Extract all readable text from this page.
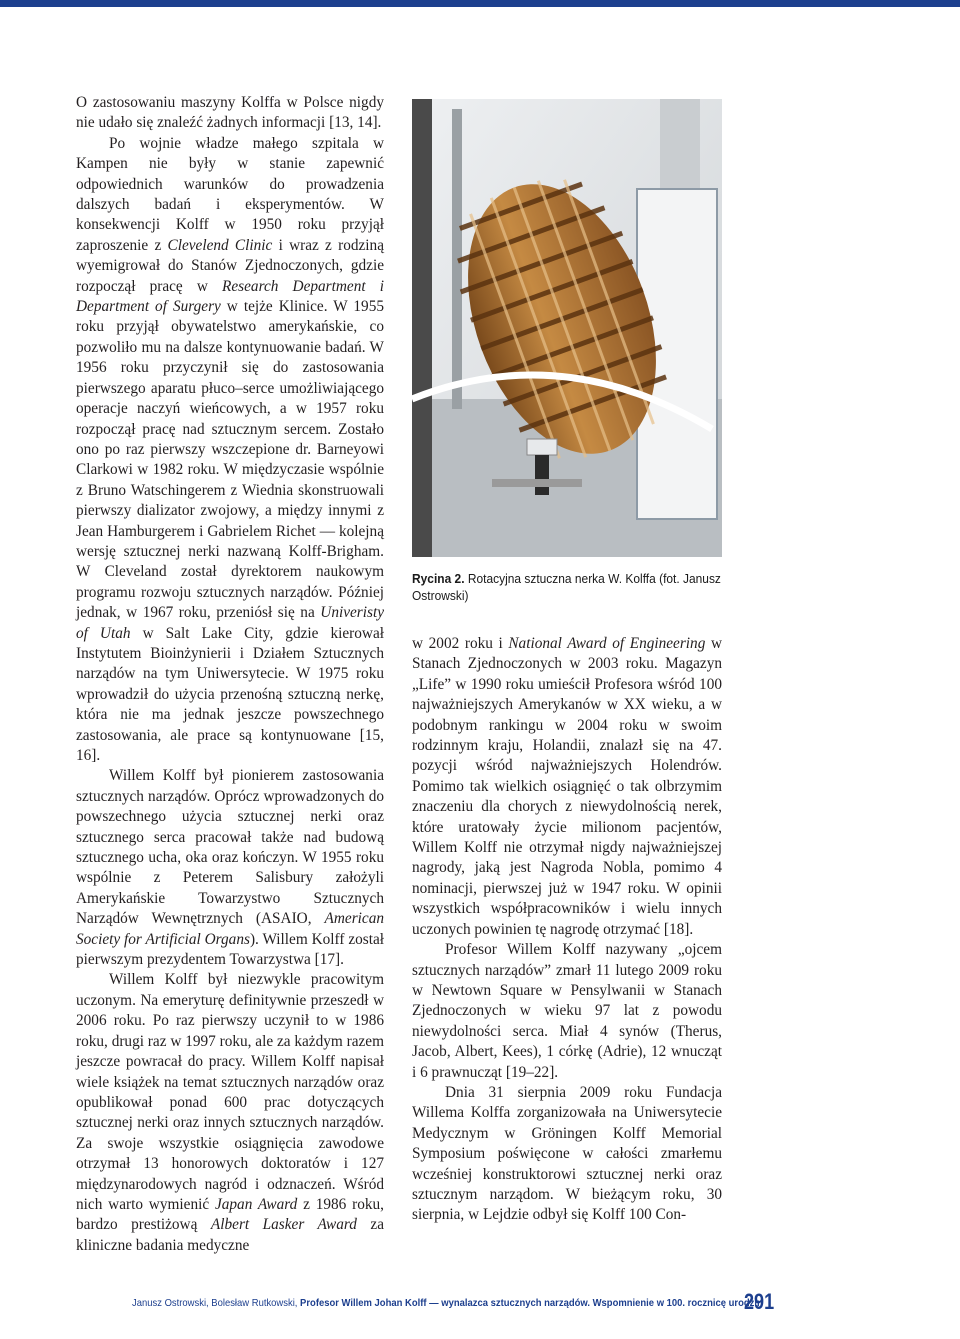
O zastosowaniu maszyny Kolffa w Polsce nigdy nie udało się znaleźć żadnych informacji [13, 14].

Po wojnie władze małego szpitala w Kampen nie były w stanie zapewnić odpowiednich warunków do prowadzenia dalszych badań i eksperymentów. W konsekwencji Kolff w 1950 roku przyjął zaproszenie z Clevelend Clinic i wraz z rodziną wyemigrował do Stanów Zjednoczonych, gdzie rozpoczął pracę w Research Department i Department of Surgery w tejże Klinice. W 1955 roku przyjął obywatelstwo amerykańskie, co pozwoliło mu na dalsze kontynuowanie badań. W 1956 roku przyczynił się do zastosowania pierwszego aparatu płuco–serce umożliwiającego operacje naczyń wieńcowych, a w 1957 roku rozpoczął pracę nad sztucznym sercem. Zostało ono po raz pierwszy wszczepione dr. Barneyowi Clarkowi w 1982 roku. W międzyczasie wspólnie z Bruno Watschingerem z Wiednia skonstruowali pierwszy dializator zwojowy, a między innymi z Jean Hamburgerem i Gabrielem Richet — kolejną wersję sztucznej nerki nazwaną Kolff-Brigham. W Cleveland został dyrektorem naukowym programu rozwoju sztucznych narządów. Później jednak, w 1967 roku, przeniósł się na Univeristy of Utah w Salt Lake City, gdzie kierował Instytutem Bioinżynierii i Działem Sztucznych narządów na tym Uniwersytecie. W 1975 roku wprowadził do użycia przenośną sztuczną nerkę, która nie ma jednak jeszcze powszechnego zastosowania, ale prace są kontynuowane [15, 16].

Willem Kolff był pionierem zastosowania sztucznych narządów. Oprócz wprowadzonych do powszechnego użycia sztucznej nerki oraz sztucznego serca pracował także nad budową sztucznego ucha, oka oraz kończyn. W 1955 roku wspólnie z Peterem Salisbury założyli Amerykańskie Towarzystwo Sztucznych Narządów Wewnętrznych (ASAIO, American Society for Artificial Organs). Willem Kolff został pierwszym prezydentem Towarzystwa [17].

Willem Kolff był niezwykle pracowitym uczonym. Na emeryturę definitywnie przeszedł w 2006 roku. Po raz pierwszy uczynił to w 1986 roku, drugi raz w 1997 roku, ale za każdym razem jeszcze powracał do pracy. Willem Kolff napisał wiele książek na temat sztucznych narządów oraz opublikował ponad 600 prac dotyczących sztucznej nerki oraz innych sztucznych narządów. Za swoje wszystkie osiągnięcia zawodowe otrzymał 13 honorowych doktoratów i 127 międzynarodowych nagród i odznaczeń. Wśród nich warto wymienić Japan Award z 1986 roku, bardzo prestiżową Albert Lasker Award za kliniczne badania medyczne

Rycina 2. Rotacyjna sztuczna nerka W. Kolffa (fot. Janusz Ostrowski)

w 2002 roku i National Award of Engineering w Stanach Zjednoczonych w 2003 roku. Magazyn „Life” w 1990 roku umieścił Profesora wśród 100 najważniejszych Amerykanów w XX wieku, a w podobnym rankingu w 2004 roku w swoim rodzinnym kraju, Holandii, znalazł się na 47. pozycji wśród najważniejszych Holendrów. Pomimo tak wielkich osiągnięć o tak olbrzymim znaczeniu dla chorych z niewydolnością nerek, które uratowały życie milionom pacjentów, Willem Kolff nie otrzymał nigdy najważniejszej nagrody, jaką jest Nagroda Nobla, pomimo 4 nominacji, pierwszej już w 1947 roku. W opinii wszystkich współpracowników i wielu innych uczonych powinien tę nagrodę otrzymać [18].

Profesor Willem Kolff nazywany „ojcem sztucznych narządów” zmarł 11 lutego 2009 roku w Newtown Square w Pensylwanii w Stanach Zjednoczonych w wieku 97 lat z powodu niewydolności serca. Miał 4 synów (Therus, Jacob, Albert, Kees), 1 córkę (Adrie), 12 wnucząt i 6 prawnucząt [19–22].

Dnia 31 sierpnia 2009 roku Fundacja Willema Kolffa zorganizowała na Uniwersytecie Medycznym w Gröningen Kolff Memorial Symposium poświęcone w całości zmarłemu wcześniej konstruktorowi sztucznej nerki oraz sztucznym narządom. W bieżącym roku, 30 sierpnia, w Lejdzie odbył się Kolff 100 Con-

Janusz Ostrowski, Bolesław Rutkowski, Profesor Willem Johan Kolff — wynalazca sztucznych narządów. Wspomnienie w 100. rocznicę urodzin
291
